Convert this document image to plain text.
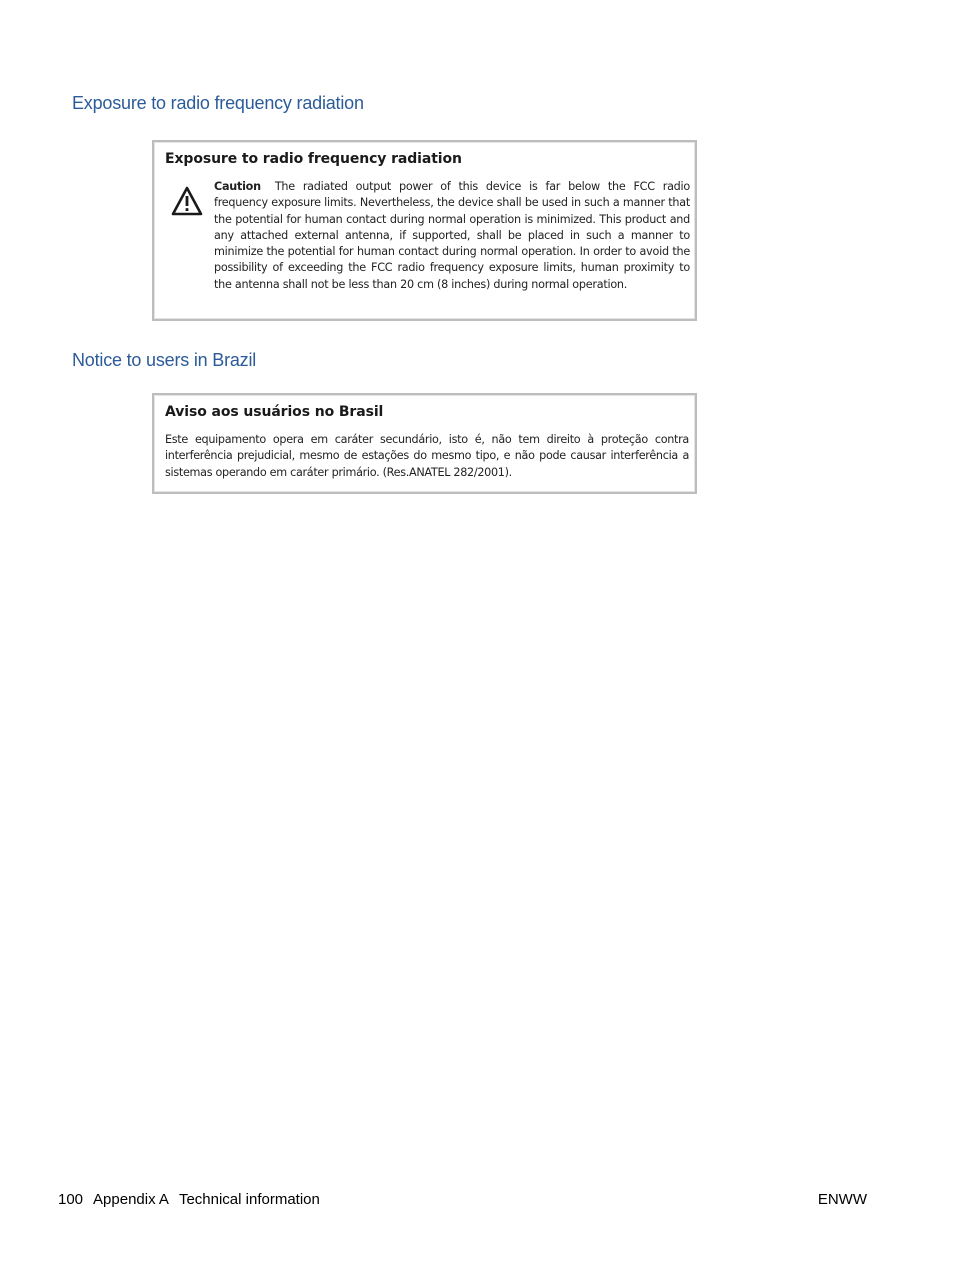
Exposure to radio frequency radiation
Exposure to radio frequency radiation
Caution The radiated output power of this device is far below the FCC radio frequency exposure limits. Nevertheless, the device shall be used in such a manner that the potential for human contact during normal operation is minimized. This product and any attached external antenna, if supported, shall be placed in such a manner to minimize the potential for human contact during normal operation. In order to avoid the possibility of exceeding the FCC radio frequency exposure limits, human proximity to the antenna shall not be less than 20 cm (8 inches) during normal operation.
Notice to users in Brazil
Aviso aos usuários no Brasil
Este equipamento opera em caráter secundário, isto é, não tem direito à proteção contra interferência prejudicial, mesmo de estações do mesmo tipo, e não pode causar interferência a sistemas operando em caráter primário. (Res.ANATEL 282/2001).
100 Appendix A Technical information	ENWW
